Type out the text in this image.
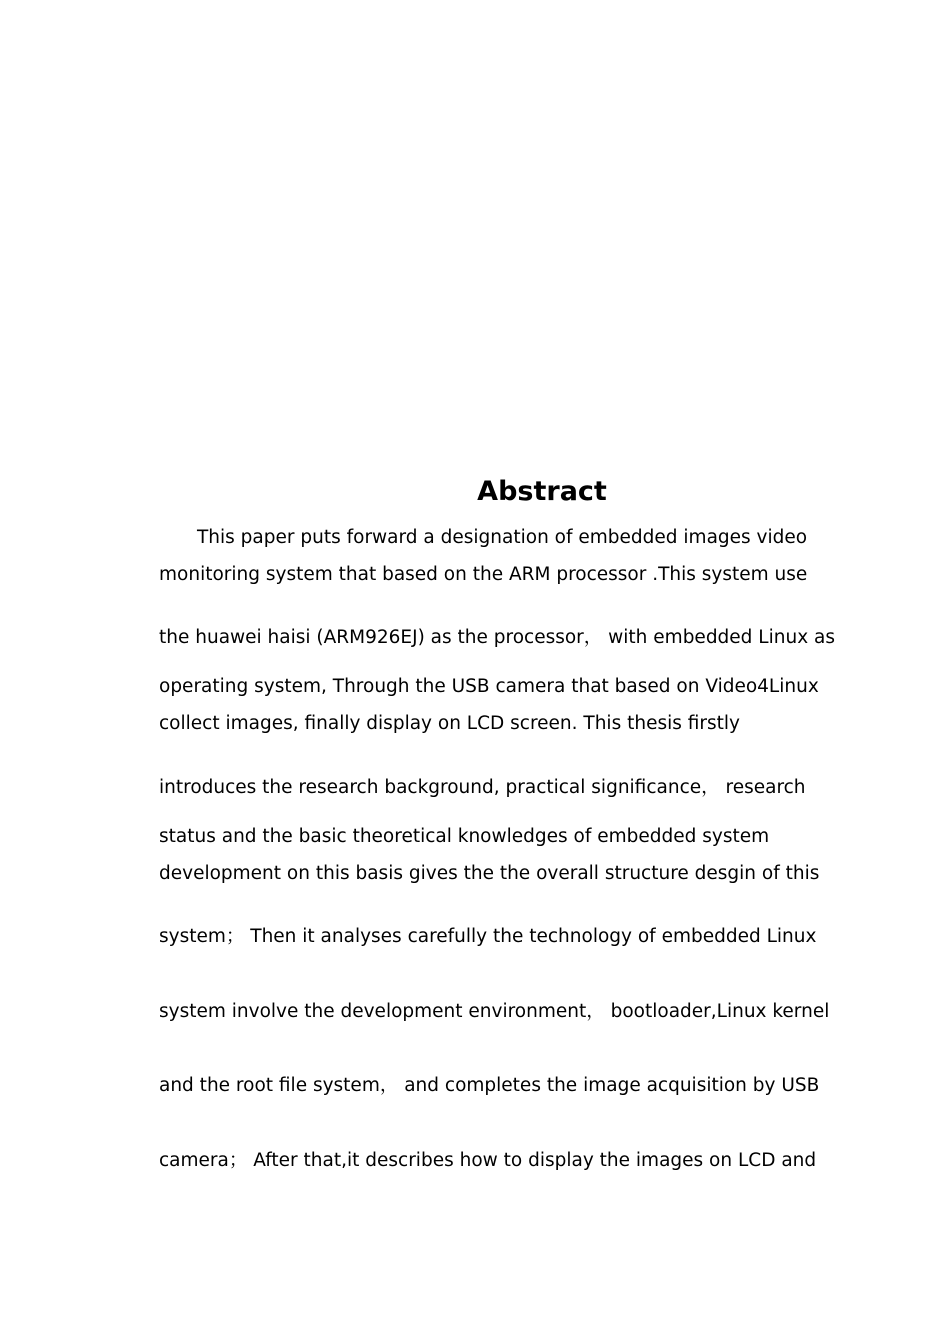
Abstract
This paper puts forward a designation of embedded images video
monitoring system that based on the ARM processor .This system use
the huawei haisi (ARM926EJ) as the processor， with embedded Linux as
operating system, Through the USB camera that based on Video4Linux
collect images, finally display on LCD screen. This thesis firstly
introduces the research background, practical significance， research
status and the basic theoretical knowledges of embedded system
development on this basis gives the the overall structure desgin of this
system； Then it analyses carefully the technology of embedded Linux
system involve the development environment， bootloader,Linux kernel
and the root file system， and completes the image acquisition by USB
camera； After that,it describes how to display the images on LCD and
